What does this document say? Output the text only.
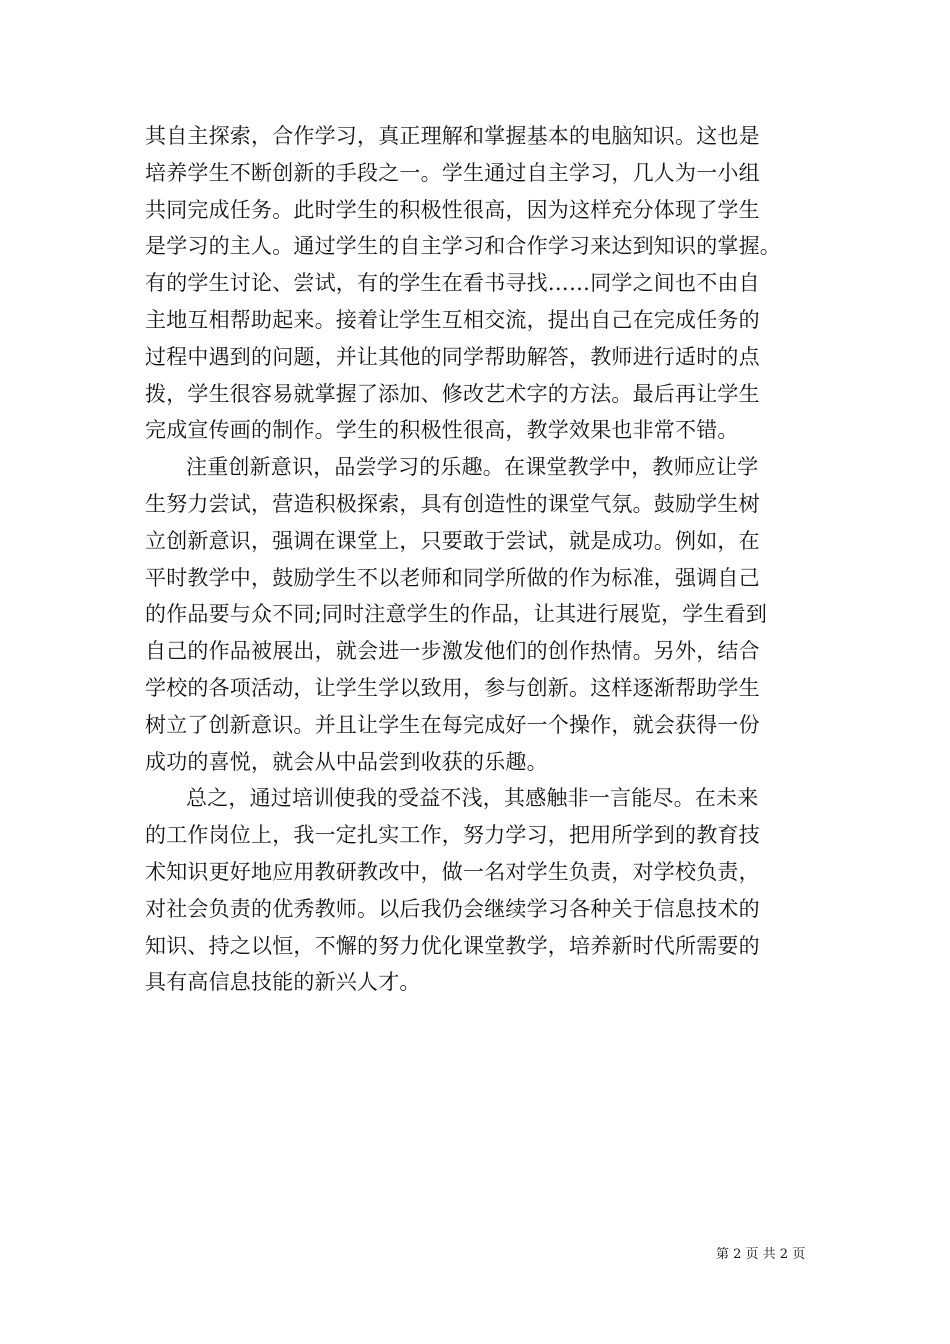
其自主探索，合作学习，真正理解和掌握基本的电脑知识。这也是
培养学生不断创新的手段之一。学生通过自主学习，几人为一小组
共同完成任务。此时学生的积极性很高，因为这样充分体现了学生
是学习的主人。通过学生的自主学习和合作学习来达到知识的掌握。
有的学生讨论、尝试，有的学生在看书寻找……同学之间也不由自
主地互相帮助起来。接着让学生互相交流，提出自己在完成任务的
过程中遇到的问题，并让其他的同学帮助解答，教师进行适时的点
拨，学生很容易就掌握了添加、修改艺术字的方法。最后再让学生
完成宣传画的制作。学生的积极性很高，教学效果也非常不错。
注重创新意识，品尝学习的乐趣。在课堂教学中，教师应让学
生努力尝试，营造积极探索，具有创造性的课堂气氛。鼓励学生树
立创新意识，强调在课堂上，只要敢于尝试，就是成功。例如，在
平时教学中，鼓励学生不以老师和同学所做的作为标准，强调自己
的作品要与众不同;同时注意学生的作品，让其进行展览，学生看到
自己的作品被展出，就会进一步激发他们的创作热情。另外，结合
学校的各项活动，让学生学以致用，参与创新。这样逐渐帮助学生
树立了创新意识。并且让学生在每完成好一个操作，就会获得一份
成功的喜悦，就会从中品尝到收获的乐趣。
总之，通过培训使我的受益不浅，其感触非一言能尽。在未来
的工作岗位上，我一定扎实工作，努力学习，把用所学到的教育技
术知识更好地应用教研教改中，做一名对学生负责，对学校负责，
对社会负责的优秀教师。以后我仍会继续学习各种关于信息技术的
知识、持之以恒，不懈的努力优化课堂教学，培养新时代所需要的
具有高信息技能的新兴人才。
第 2 页 共 2 页
